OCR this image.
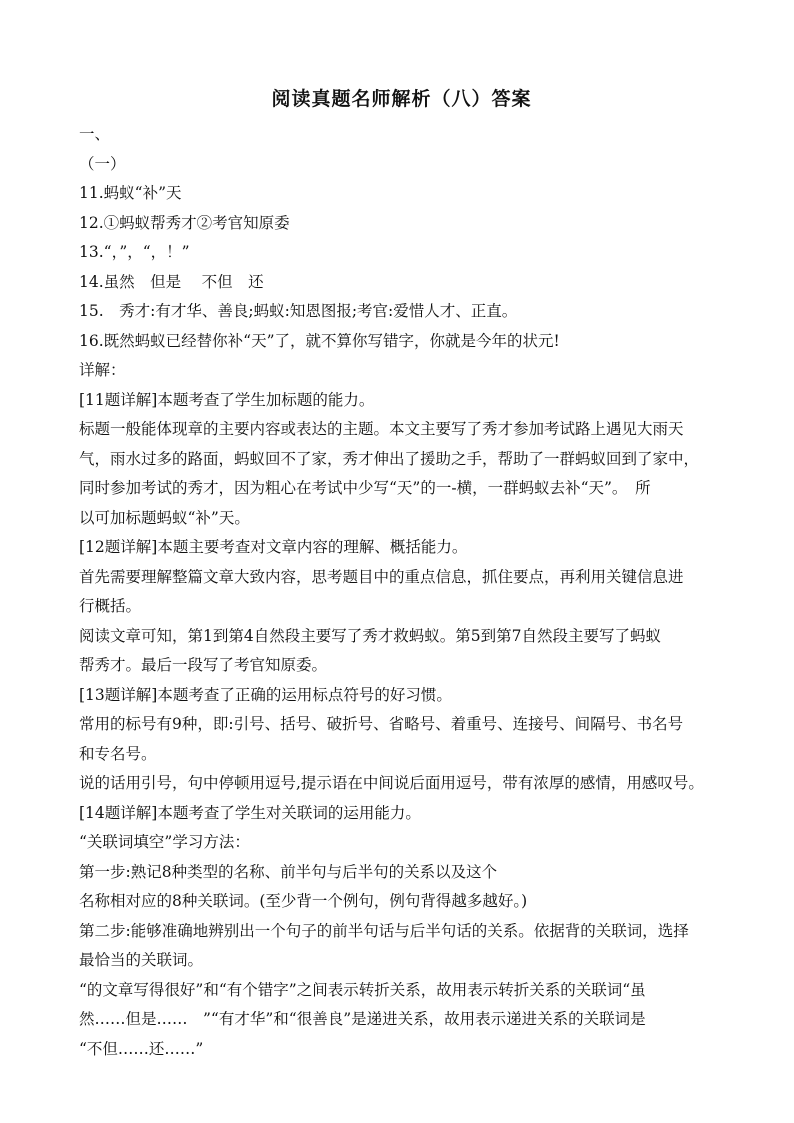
阅读真题名师解析（八）答案

一、

（一）

11.蚂蚁“补”天

12.①蚂蚁帮秀才②考官知原委

13.“，”，“，！”

14.虽然　但是　 不但　还

15.　秀才:有才华、善良;蚂蚁:知恩图报;考官:爱惜人才、正直。

16.既然蚂蚁已经替你补“天”了，就不算你写错字，你就是今年的状元!

详解：

[11题详解]本题考查了学生加标题的能力。

标题一般能体现章的主要内容或表达的主题。本文主要写了秀才参加考试路上遇见大雨天

气，雨水过多的路面，蚂蚁回不了家，秀才伸出了援助之手，帮助了一群蚂蚁回到了家中，

同时参加考试的秀才，因为粗心在考试中少写“天”的一-横，一群蚂蚁去补“天”。　所

以可加标题蚂蚁“补”天。

[12题详解]本题主要考查对文章内容的理解、概括能力。

首先需要理解整篇文章大致内容，思考题目中的重点信息，抓住要点，再利用关键信息进

行概括。

阅读文章可知，第1到第4自然段主要写了秀才救蚂蚁。第5到第7自然段主要写了蚂蚁

帮秀才。最后一段写了考官知原委。

[13题详解]本题考查了正确的运用标点符号的好习惯。

常用的标号有9种，即:引号、括号、破折号、省略号、着重号、连接号、间隔号、书名号

和专名号。

说的话用引号，句中停顿用逗号,提示语在中间说后面用逗号，带有浓厚的感情，用感叹号。

[14题详解]本题考查了学生对关联词的运用能力。

“关联词填空”学习方法：

第一步:熟记8种类型的名称、前半句与后半句的关系以及这个

名称相对应的8种关联词。(至少背一个例句，例句背得越多越好。)

第二步:能够准确地辨别出一个句子的前半句话与后半句话的关系。依据背的关联词，选择

最恰当的关联词。

“的文章写得很好”和“有个错字”之间表示转折关系，故用表示转折关系的关联词“虽

然……但是……　”“有才华”和“很善良”是递进关系，故用表示递进关系的关联词是

“不但……还……”
